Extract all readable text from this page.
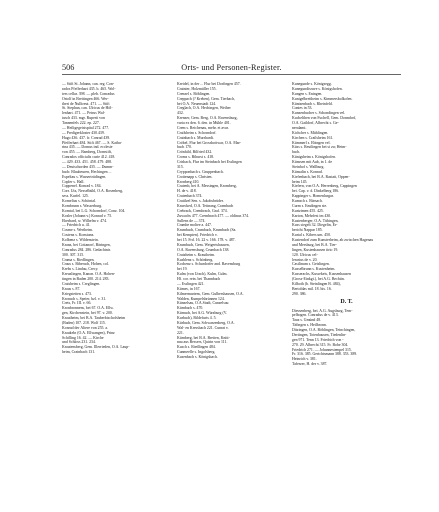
506	Orts- und Personen-Register.
— Stift St. Johann, can. reg. Con-
rados Pfefferhart 435. b. 465. Wol-
ters cellar. 398. — pleb. Conradus
Ortolf in Breitingen 466. Wer-
theri de Nulltreut. 471. — Stift
St. Stephan, can. Ulricus de Höl-
lenhart. 471. — Petrus Wal-
tusch 433. mgr. Ruperti von
Tannenfels 222. ep. 227.
— Heiligegeistspital 272. 477.
— Predigerkloster 430.439.
Hugo 436. 437. fr. Conrad 439.
Pfefferhart 484. Stift 467. — S. Katha-
rina 435. — Domus ind. ecclesie
von 455. — Bamberg, Dornstift,
Conrados officialis curie 412. 418.
— 429. 433. 451. 458. 479. 488.
— Deutschorden 435. — Dumm-
bach: Blaubeuren, Hechingen ...
Espeltau s. Wassertrüdingen.
Copler s. Hall.
Coppenel. Konrad v. 184.
Corr. Utz, Nesselbühl, O.A. Rosenberg,
sess. Kurfel. 125.
Kornelius s. Schöntal.
Kornbrunn s. Wasserburg.
Korntal, bei L.G. Schorndorf, Conz. 104.
Kosler (Johann v.) Konrad v. 75.
Eberhard, w. Wilhelm v. 474.
— Friedrich u. 41.
Cosme s. Wertheim.
Costenz s. Konstanz.
Kolbenz s. Wildenstein.
Kranz, bei Cottanorf, Bäringen,
Conradus 284. 286. Gedachtnis
300. 307. 315.
Crama s. Riedlingen.
Craus s. Biberach, Hohen, col.
Krebs s. Lindau, Crecy.
Kreuzlingen, Kanon. O.A. Hohen-
tingen in Baden 200. 214. 283.
Craisheim s. Creglingen.
Kraus s. 87.
Kriegstetten s. 473.
Kronach s. Speier, bzl. v. 31.
Crets, Fr. III. v. 66.
Kronbronnens, bei 67. O.A. Ellw.
gen, Kirchenstein, bei 97. v. 200.
Krautheim, bei B.A. Tauberbischofsheim
(Baden) 107. 218. Wolf 115.
Konrad der Ältere von 255. a.
Kraukeln (O.A. Ellwangen), Prinz
Schilling 16. 42. — Kirche
und Schloss 231. 234.
Krautensberg, Gem. Illerrieden, O.A. Laup-
heim, Crainbach 131.
Kreidel, in der ... Flur bei Dorfingen 457.
Crainier, Holzmüller 155.
Crenzel s. Böblingen.
Creppach (? Kreben), Gem. Tierbach,
bei O.A. Neuenstadt 124.
Creglach, O.A. Hechingen, Weiher
432.
Krenzer, Gem. Berg, O.A. Ravensburg,
varia ex den. 6. den. in Mühle 401.
Crem s. Reichenau, mehr. et avar.
Crailsheim s. Schorndorf.
Crainbach s. Murrhardt.
Cröbel, Flur bei Grossbottwar, O.A. Mar-
bach 170.
Crönhild, Bilfried 432.
Croms s. Bihurst s. 418.
Crisbach, Flur im Steinbach bei Esslingen
315.
Crypponbach s. Gruppenbach.
Crottenapp s. Christen.
Kronberg 410.
Crutenb, bei A. Messingen, Kromberg,
H. de v. 418.
Crutenbach 374.
Crutilzel Sen. s. Jakobsbrüder.
Kruecked, O.A. Tettnang, Crambach
Crebrack, Crembrach, Graf. 374.
Zuwachs 477. Crembrach 477. — oldinus 374.
Sullens de — 374.
Crambe moltee a. 447.
Krumbach, Crumbach, Krumbach (Sa.
bei Kempten). Friedrich v.
bei 15. Frd. 16. 22 v. 166. 178. v. 487.
Krumbach, Gem. Weigertshausen,
O.A. Ravensburg, Crumbach 138.
Crutzheim s. Krautheim.
Kusblenz s. Schönberg.
Kochenz s. Schurdorfer and. Ravensburg
bei 19.
Kulm (von Urach), Kulm, Culm.
Hf. cor. rein. bei Thannbach
— Esslingen 421.
Kümes, in 167.
Kilmermartens, Gem. Gulbershausen, O.A.
Walden, Kumpelsbrünnen 124.
Künzelsau, O.A.Stadt, Cunzelsau
Kürnbach s. 470.
Kürnach, bei A.G. Würzburg (V.
Kurbach), Bildefurts 4. 5.
Kürbach, Gem. Schwarzenberg, O.A.
Wal- en Kressbach 221. Cunrat v.
221.
Kürnberg, bei B.A. Bretten, Knitt-
nau aus Bessers, Quirin von 111.
Kusch s. Riedlingen 484.
Cunmeelle s. Ingolsberg.
Kusenbach s. Königsbach.
Kunegunde s. Königsegg.
Kunegundisruve s. Königshofen.
Kungen s. Eningen.
Kunigelbrettheim s. Kimmersbolkofen.
Küntzenbach s. Rheinfeld.
Contes in 53.
Kunzenbacher s. Schondingen vel.
Kuchelthen von Fuchell, Gem. Donndorf,
O.A. Gaildorf, Albrecht s. Ge-
neralamt.
Kichcher s. Mühlingen.
Kirchen s. Crailsheim 161.
Kümmerl s. Ebingen vel.
Küss s. Reutlingen bei si zu; Heim-
bach.
Künigsheim s. Königshofen.
Künssen mit Aub, in 1. de
Steinhof s. Wallburg.
Künsalin s. Konrad.
Kiefenbach, bei B.A. Rastatt, Oppen-
heim 145.
Kiefern, von O.A. Herrenberg, Cappingen
bei. Cap. v. d. Dinkelberg 186.
Kappinger s. Homenlurgar.
Kumsch s. Bürsach.
Curm s. Emdingen ste.
Kurtztmen 455. 425.
Karton, Mehrfest im 430.
Kustenberger, O.A. Tübingen,
Kuss siegelt 32. Diegelin, Er-
bericht Nappar 185.
Kurtal s. Kibers um. 450.
Kustendorf zum Kunsterheim, ab zwischen Hagenau
und Mersburg, bei B.A. Tier-
lingen, Kustenhausen tirio 19.
120. Ulricus cel-
lerarius de v. 20.
Castlinum s. Geislingen.
Kusselbrunn s. Kustenheim.
Kusserachs, Kussekeis, Kussenhausen
(Gross-Einkgt.), bei A.G. Bechtin.
Kilboth (b. Steinlingen B. 484),
Bertoldas mil. 18. bis. 16.
290. 386.
D. T.
Diessenberg, bei. A.G. Augsburg, Tem-
pelbogen. Conradus de v. 413.
Tauz s. Gmünd 48.
Täfingen s. Heilbronn.
Ditzingen, O.A. Böblingen, Teinchingen,
Dertingen, Totenhausen, Tiedenlin-
gen 971. Tenn 13. Friedrich von -
270. 29. Albrecht 315. Fr. Bobe 304.
Friedrich 271. — Johannestempel 315.
Fr. 316. 385. Gerichtsmann 388. 353. 389.
Heinrich v. 381.
Taferzer, H. der v. 387.
